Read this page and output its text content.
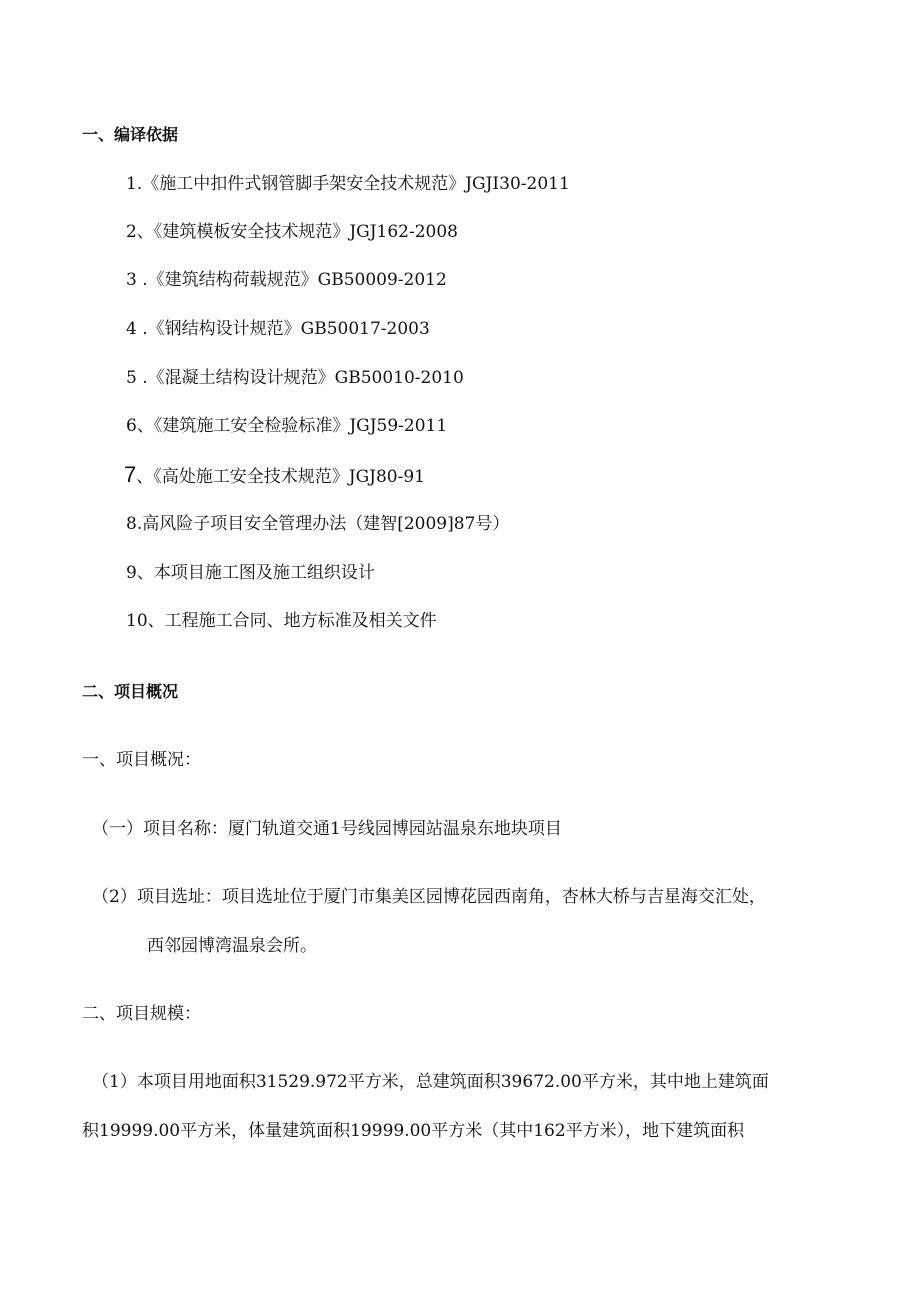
一、编译依据
1.《施工中扣件式钢管脚手架安全技术规范》JGJI30-2011
2、《建筑模板安全技术规范》JGJ162-2008
3 .《建筑结构荷载规范》GB50009-2012
4 .《钢结构设计规范》GB50017-2003
5 .《混凝土结构设计规范》GB50010-2010
6、《建筑施工安全检验标准》JGJ59-2011
7、《高处施工安全技术规范》JGJ80-91
8.高风险子项目安全管理办法（建智[2009]87号）
9、本项目施工图及施工组织设计
10、工程施工合同、地方标准及相关文件
二、项目概况
一、项目概况：
（一）项目名称：厦门轨道交通1号线园博园站温泉东地块项目
（2）项目选址：项目选址位于厦门市集美区园博花园西南角，杏林大桥与吉星海交汇处，
西邻园博湾温泉会所。
二、项目规模：
（1）本项目用地面积31529.972平方米，总建筑面积39672.00平方米，其中地上建筑面
积19999.00平方米，体量建筑面积19999.00平方米（其中162平方米），地下建筑面积
